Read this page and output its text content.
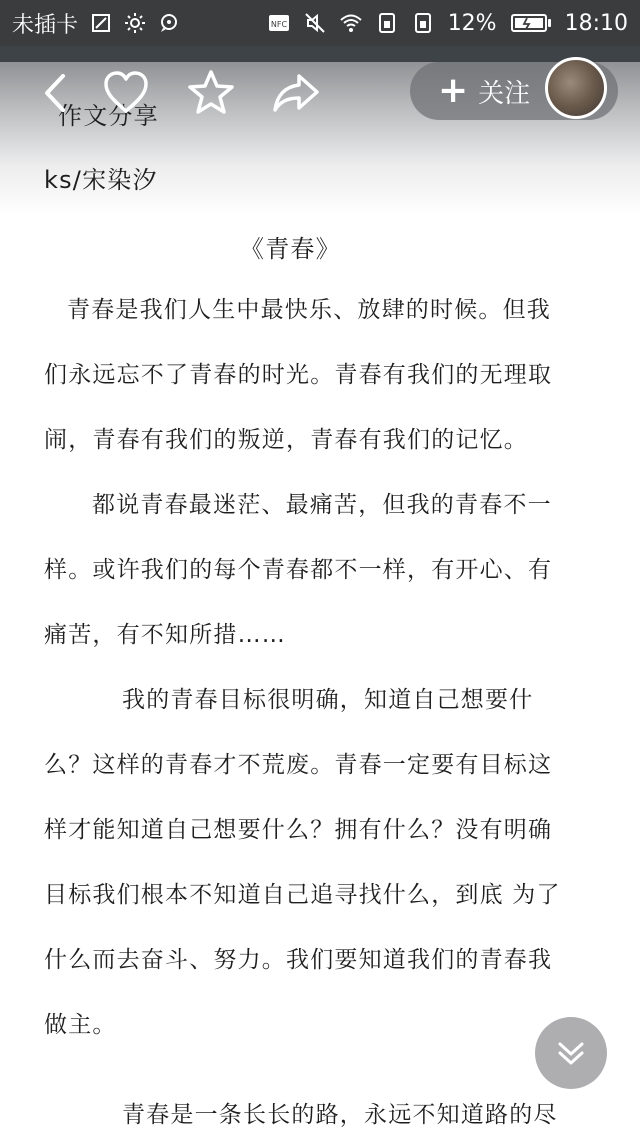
未插卡	NFC	12%	18:10
作文分享
ks/宋染汐
《青春》
青春是我们人生中最快乐、放肆的时候。但我
们永远忘不了青春的时光。青春有我们的无理取
闹，青春有我们的叛逆，青春有我们的记忆。
都说青春最迷茫、最痛苦，但我的青春不一
样。或许我们的每个青春都不一样，有开心、有
痛苦，有不知所措……
我的青春目标很明确，知道自己想要什
么？这样的青春才不荒废。青春一定要有目标这
样才能知道自己想要什么？拥有什么？没有明确
目标我们根本不知道自己追寻找什么，到底 为了
什么而去奋斗、努力。我们要知道我们的青春我
做主。
青春是一条长长的路，永远不知道路的尽
+ 关注
